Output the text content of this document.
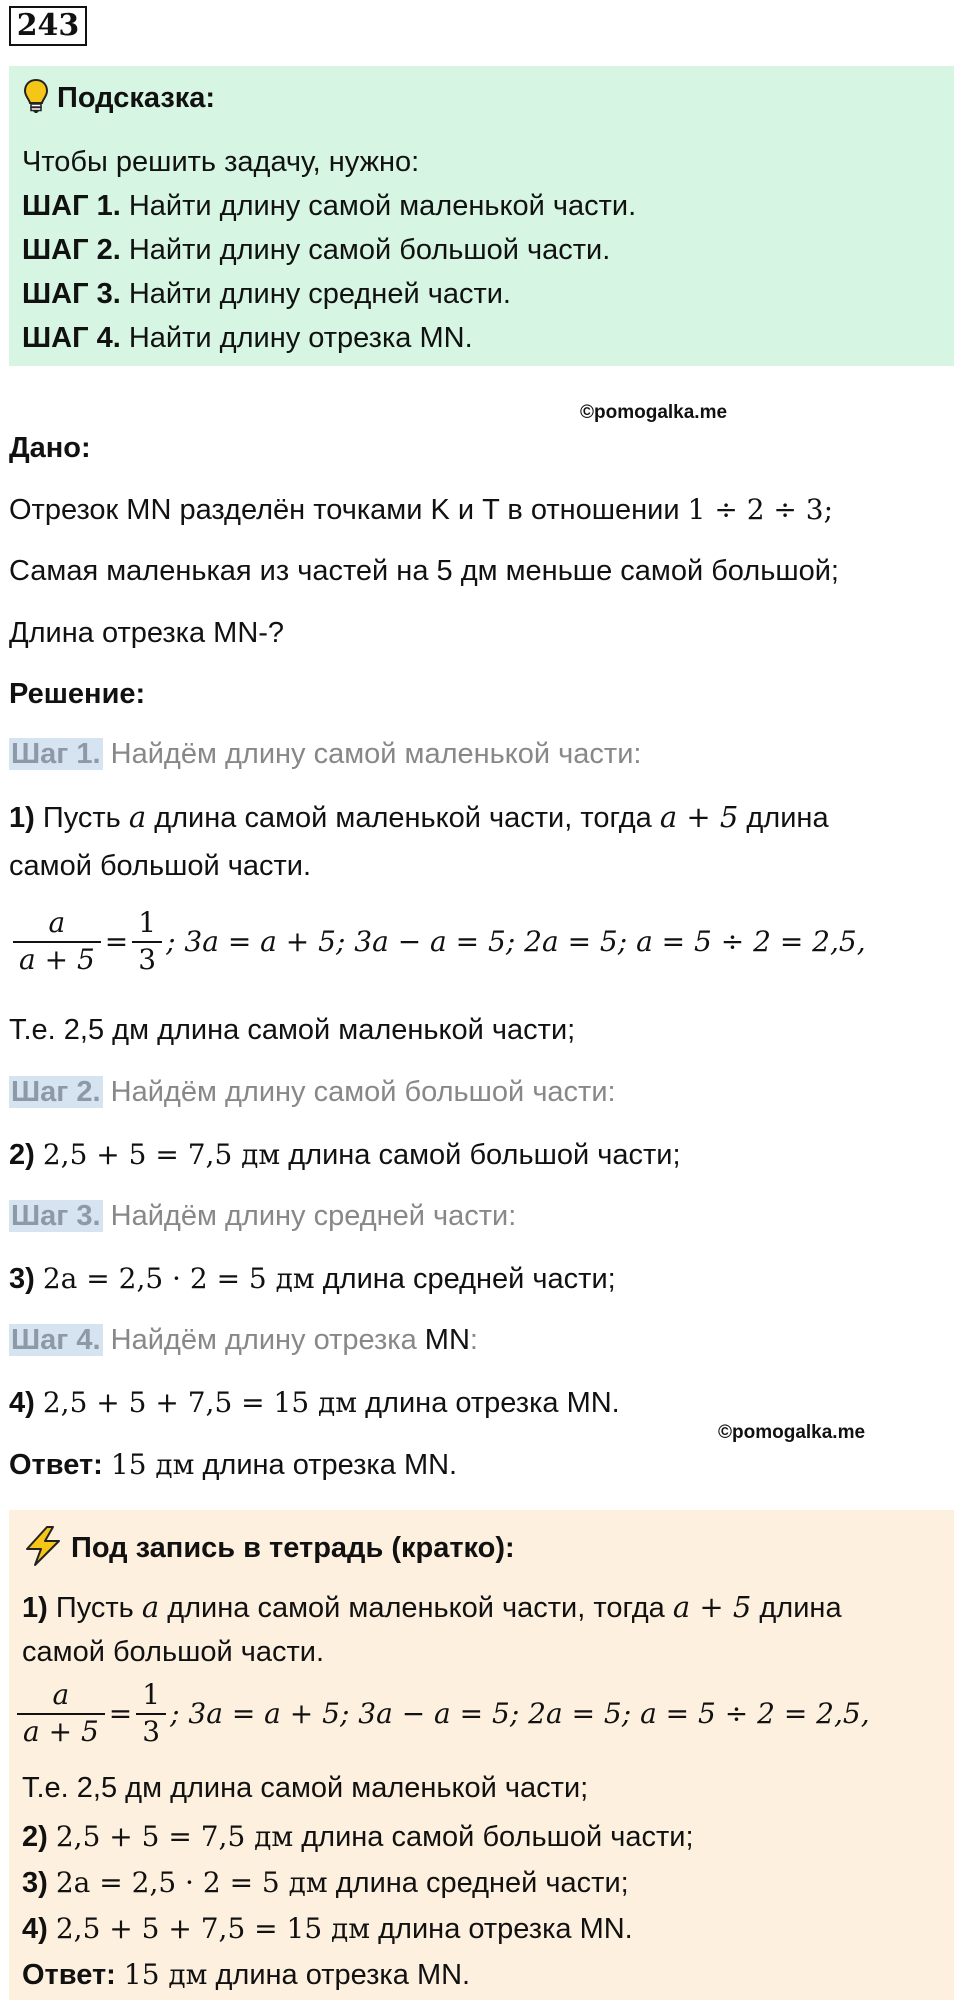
243
Подсказка:
Чтобы решить задачу, нужно:
ШАГ 1. Найти длину самой маленькой части.
ШАГ 2. Найти длину самой большой части.
ШАГ 3. Найти длину средней части.
ШАГ 4. Найти длину отрезка MN.
©pomogalka.me
Дано:
Отрезок MN разделён точками K и T в отношении 1 ÷ 2 ÷ 3;
Самая маленькая из частей на 5 дм меньше самой большой;
Длина отрезка MN-?
Решение:
Шаг 1. Найдём длину самой маленькой части:
1) Пусть a длина самой маленькой части, тогда a + 5 длина
самой большой части.
$\frac{a}{a + 5} = \frac{1}{3}$ ; 3a = a + 5; 3a − a = 5; 2a = 5; a = 5 ÷ 2 = 2,5,
Т.е. 2,5 дм длина самой маленькой части;
Шаг 2. Найдём длину самой большой части:
2) 2,5 + 5 = 7,5 дм длина самой большой части;
Шаг 3. Найдём длину средней части:
3) 2a = 2,5 · 2 = 5 дм длина средней части;
Шаг 4. Найдём длину отрезка MN:
4) 2,5 + 5 + 7,5 = 15 дм длина отрезка MN.
©pomogalka.me
Ответ: 15 дм длина отрезка MN.
Под запись в тетрадь (кратко):
1) Пусть a длина самой маленькой части, тогда a + 5 длина
самой большой части.
$\frac{a}{a + 5} = \frac{1}{3}$ ; 3a = a + 5; 3a − a = 5; 2a = 5; a = 5 ÷ 2 = 2,5,
Т.е. 2,5 дм длина самой маленькой части;
2) 2,5 + 5 = 7,5 дм длина самой большой части;
3) 2a = 2,5 · 2 = 5 дм длина средней части;
4) 2,5 + 5 + 7,5 = 15 дм длина отрезка MN.
Ответ: 15 дм длина отрезка MN.
